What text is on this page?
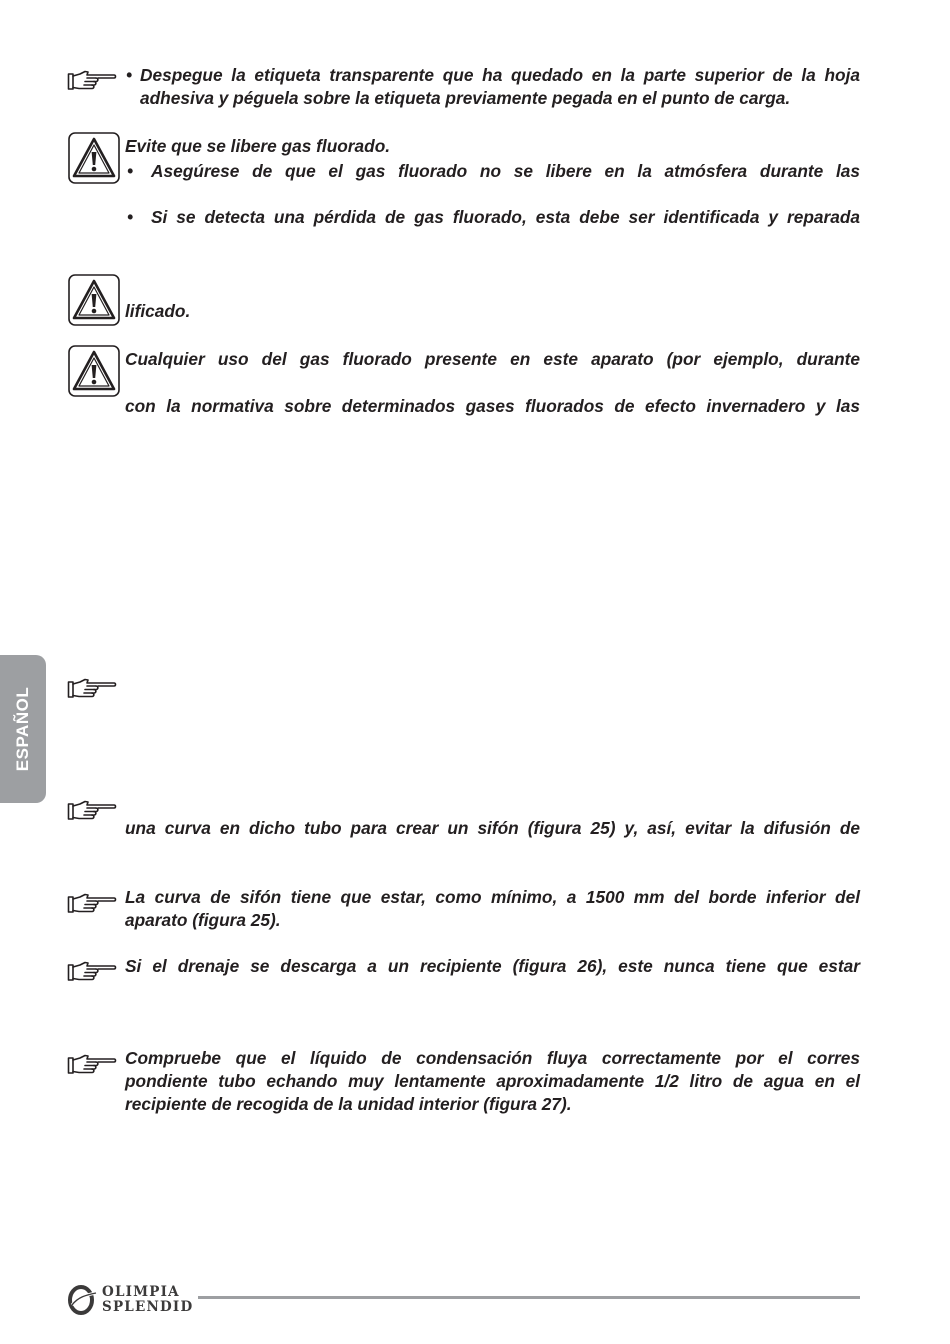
• Despegue la etiqueta transparente que ha quedado en la parte superior de la hoja
adhesiva y péguela sobre la etiqueta previamente pegada en el punto de carga.
Evite que se libere gas fluorado.
• Asegúrese de que el gas fluorado no se libere en la atmósfera durante las
• Si se detecta una pérdida de gas fluorado, esta debe ser identificada y reparada
lificado.
Cualquier uso del gas fluorado presente en este aparato (por ejemplo, durante
con la normativa sobre determinados gases fluorados de efecto invernadero y las
una curva en dicho tubo para crear un sifón (figura 25) y, así, evitar la difusión de
La curva de sifón tiene que estar, como mínimo, a 1500 mm del borde inferior del
aparato (figura 25).
Si el drenaje se descarga a un recipiente (figura 26), este nunca tiene que estar
Compruebe que el líquido de condensación fluya correctamente por el corres
pondiente tubo echando muy lentamente aproximadamente 1/2 litro de agua en el
recipiente de recogida de la unidad interior (figura 27).
ESPAÑOL
OLIMPIA
SPLENDID
